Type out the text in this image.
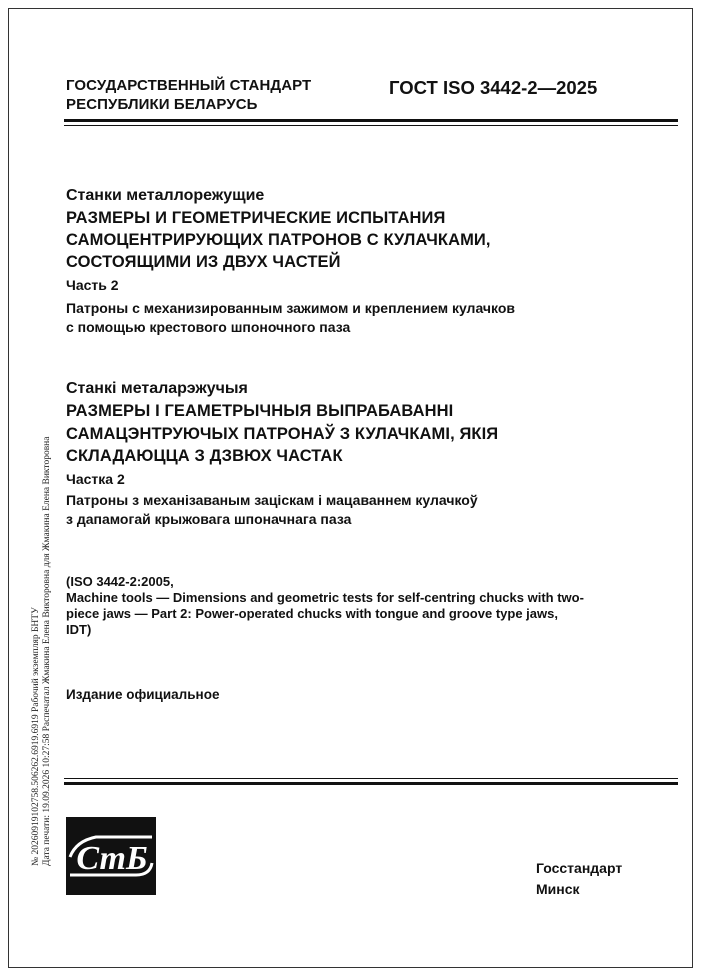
№ 20260919102758.506262.6919.6919 Рабочий экземпляр БНТУ Дата печати: 19.09.2026 10:27:58 Распечатал Жмакина Елена Викторовна для Жмакина Елена Викторовна
ГОСУДАРСТВЕННЫЙ СТАНДАРТ
РЕСПУБЛИКИ БЕЛАРУСЬ
ГОСТ ISO 3442-2—2025
Станки металлорежущие
РАЗМЕРЫ И ГЕОМЕТРИЧЕСКИЕ ИСПЫТАНИЯ
САМОЦЕНТРИРУЮЩИХ ПАТРОНОВ С КУЛАЧКАМИ,
СОСТОЯЩИМИ ИЗ ДВУХ ЧАСТЕЙ
Часть 2
Патроны с механизированным зажимом и креплением кулачков
с помощью крестового шпоночного паза
Станкі металарэжучыя
РАЗМЕРЫ І ГЕАМЕТРЫЧНЫЯ ВЫПРАБАВАННІ
САМАЦЭНТРУЮЧЫХ ПАТРОНАЎ З КУЛАЧКАМІ, ЯКІЯ
СКЛАДАЮЦЦА З ДЗВЮХ ЧАСТАК
Частка 2
Патроны з механізаваным зацiскам i мацаваннем кулачкоў
з дапамогай крыжовага шпоначнага паза
(ISO 3442-2:2005,
Machine tools — Dimensions and geometric tests for self-centring chucks with two-
piece jaws — Part 2: Power-operated chucks with tongue and groove type jaws,
IDT)
Издание официальное
СтБ	Госстандарт
Минск
